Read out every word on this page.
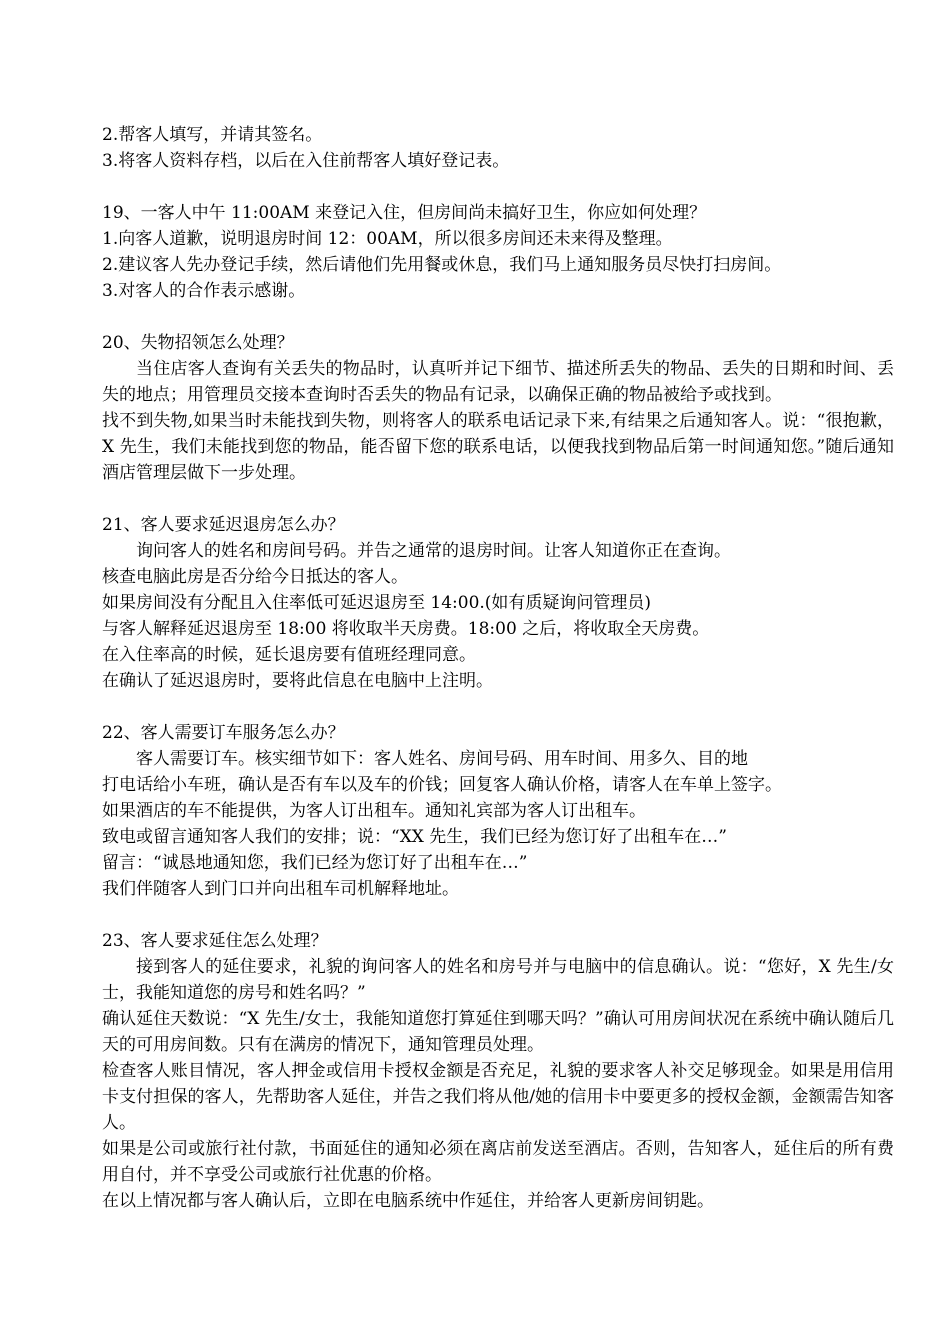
2.帮客人填写，并请其签名。
3.将客人资料存档，以后在入住前帮客人填好登记表。
19、一客人中午 11:00AM 来登记入住，但房间尚未搞好卫生，你应如何处理？
1.向客人道歉，说明退房时间 12：00AM，所以很多房间还未来得及整理。
2.建议客人先办登记手续，然后请他们先用餐或休息，我们马上通知服务员尽快打扫房间。
3.对客人的合作表示感谢。
20、失物招领怎么处理？
当住店客人查询有关丢失的物品时，认真听并记下细节、描述所丢失的物品、丢失的日期和时间、丢失的地点；用管理员交接本查询时否丢失的物品有记录，以确保正确的物品被给予或找到。
找不到失物,如果当时未能找到失物，则将客人的联系电话记录下来,有结果之后通知客人。说：“很抱歉，X 先生，我们未能找到您的物品，能否留下您的联系电话，以便我找到物品后第一时间通知您。”随后通知酒店管理层做下一步处理。
21、客人要求延迟退房怎么办？
询问客人的姓名和房间号码。并告之通常的退房时间。让客人知道你正在查询。
核查电脑此房是否分给今日抵达的客人。
如果房间没有分配且入住率低可延迟退房至 14:00.(如有质疑询问管理员)
与客人解释延迟退房至 18:00 将收取半天房费。18:00 之后，将收取全天房费。
在入住率高的时候，延长退房要有值班经理同意。
在确认了延迟退房时，要将此信息在电脑中上注明。
22、客人需要订车服务怎么办？
客人需要订车。核实细节如下：客人姓名、房间号码、用车时间、用多久、目的地
打电话给小车班，确认是否有车以及车的价钱；回复客人确认价格，请客人在车单上签字。
如果酒店的车不能提供，为客人订出租车。通知礼宾部为客人订出租车。
致电或留言通知客人我们的安排；说：“XX 先生，我们已经为您订好了出租车在…”
留言：“诚恳地通知您，我们已经为您订好了出租车在…”
我们伴随客人到门口并向出租车司机解释地址。
23、客人要求延住怎么处理？
接到客人的延住要求，礼貌的询问客人的姓名和房号并与电脑中的信息确认。说：“您好，X 先生/女士，我能知道您的房号和姓名吗？”
确认延住天数说：“X 先生/女士，我能知道您打算延住到哪天吗？”确认可用房间状况在系统中确认随后几天的可用房间数。只有在满房的情况下，通知管理员处理。
检查客人账目情况，客人押金或信用卡授权金额是否充足，礼貌的要求客人补交足够现金。如果是用信用卡支付担保的客人，先帮助客人延住，并告之我们将从他/她的信用卡中要更多的授权金额，金额需告知客人。
如果是公司或旅行社付款，书面延住的通知必须在离店前发送至酒店。否则，告知客人，延住后的所有费用自付，并不享受公司或旅行社优惠的价格。
在以上情况都与客人确认后，立即在电脑系统中作延住，并给客人更新房间钥匙。
